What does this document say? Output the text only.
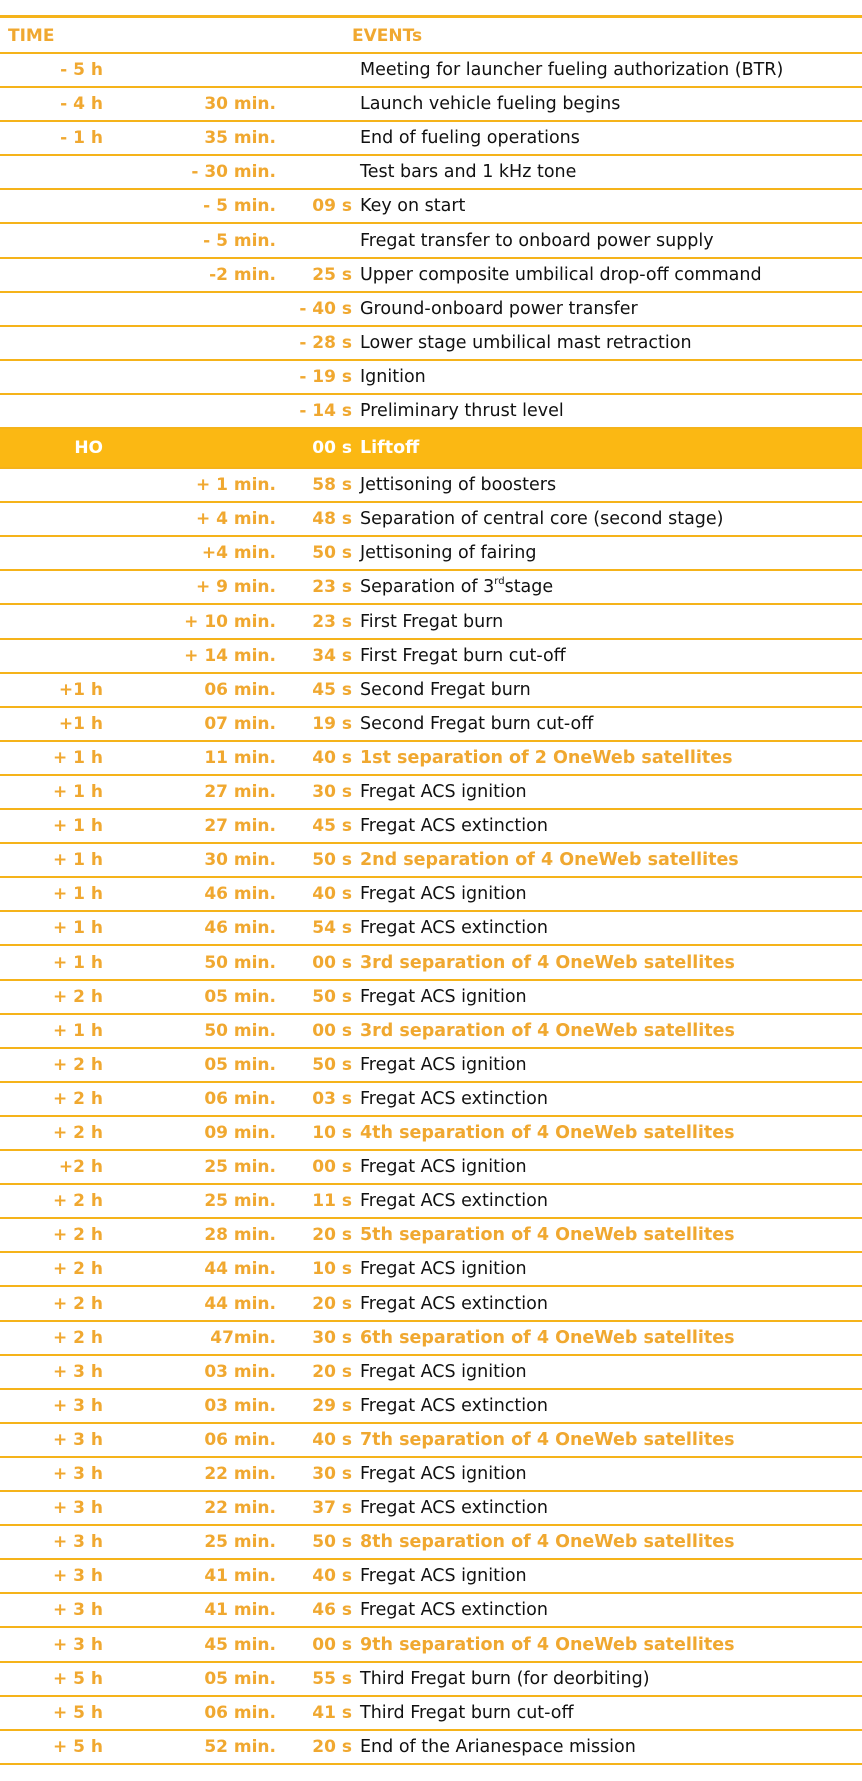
TIME	EVENTs
- 5 h	Meeting for launcher fueling authorization (BTR)
- 4 h	30 min.	Launch vehicle fueling begins
- 1 h	35 min.	End of fueling operations
- 30 min.	Test bars and 1 kHz tone
- 5 min.	09 s Key on start
- 5 min.	Fregat transfer to onboard power supply
-2 min.	25 s Upper composite umbilical drop-off command
- 40 s Ground-onboard power transfer
- 28 s Lower stage umbilical mast retraction
- 19 s Ignition
- 14 s Preliminary thrust level
HO	00 s Liftoff
+ 1 min.	58 s Jettisoning of boosters
+ 4 min.	48 s Separation of central core (second stage)
+4 min.	50 s Jettisoning of fairing
+ 9 min.	23 s Separation of 3rd stage
+ 10 min.	23 s First Fregat burn
+ 14 min.	34 s First Fregat burn cut-off
+1 h	06 min.	45 s Second Fregat burn
+1 h	07 min.	19 s Second Fregat burn cut-off
+ 1 h	11 min.	40 s 1st separation of 2 OneWeb satellites
+ 1 h	27 min.	30 s Fregat ACS ignition
+ 1 h	27 min.	45 s Fregat ACS extinction
+ 1 h	30 min.	50 s 2nd separation of 4 OneWeb satellites
+ 1 h	46 min.	40 s Fregat ACS ignition
+ 1 h	46 min.	54 s Fregat ACS extinction
+ 1 h	50 min.	00 s 3rd separation of 4 OneWeb satellites
+ 2 h	05 min.	50 s Fregat ACS ignition
+ 1 h	50 min.	00 s 3rd separation of 4 OneWeb satellites
+ 2 h	05 min.	50 s Fregat ACS ignition
+ 2 h	06 min.	03 s Fregat ACS extinction
+ 2 h	09 min.	10 s 4th separation of 4 OneWeb satellites
+2 h	25 min.	00 s Fregat ACS ignition
+ 2 h	25 min.	11 s Fregat ACS extinction
+ 2 h	28 min.	20 s 5th separation of 4 OneWeb satellites
+ 2 h	44 min.	10 s Fregat ACS ignition
+ 2 h	44 min.	20 s Fregat ACS extinction
+ 2 h	47min.	30 s 6th separation of 4 OneWeb satellites
+ 3 h	03 min.	20 s Fregat ACS ignition
+ 3 h	03 min.	29 s Fregat ACS extinction
+ 3 h	06 min.	40 s 7th separation of 4 OneWeb satellites
+ 3 h	22 min.	30 s Fregat ACS ignition
+ 3 h	22 min.	37 s Fregat ACS extinction
+ 3 h	25 min.	50 s 8th separation of 4 OneWeb satellites
+ 3 h	41 min.	40 s Fregat ACS ignition
+ 3 h	41 min.	46 s Fregat ACS extinction
+ 3 h	45 min.	00 s 9th separation of 4 OneWeb satellites
+ 5 h	05 min.	55 s Third Fregat burn (for deorbiting)
+ 5 h	06 min.	41 s Third Fregat burn cut-off
+ 5 h	52 min.	20 s End of the Arianespace mission
